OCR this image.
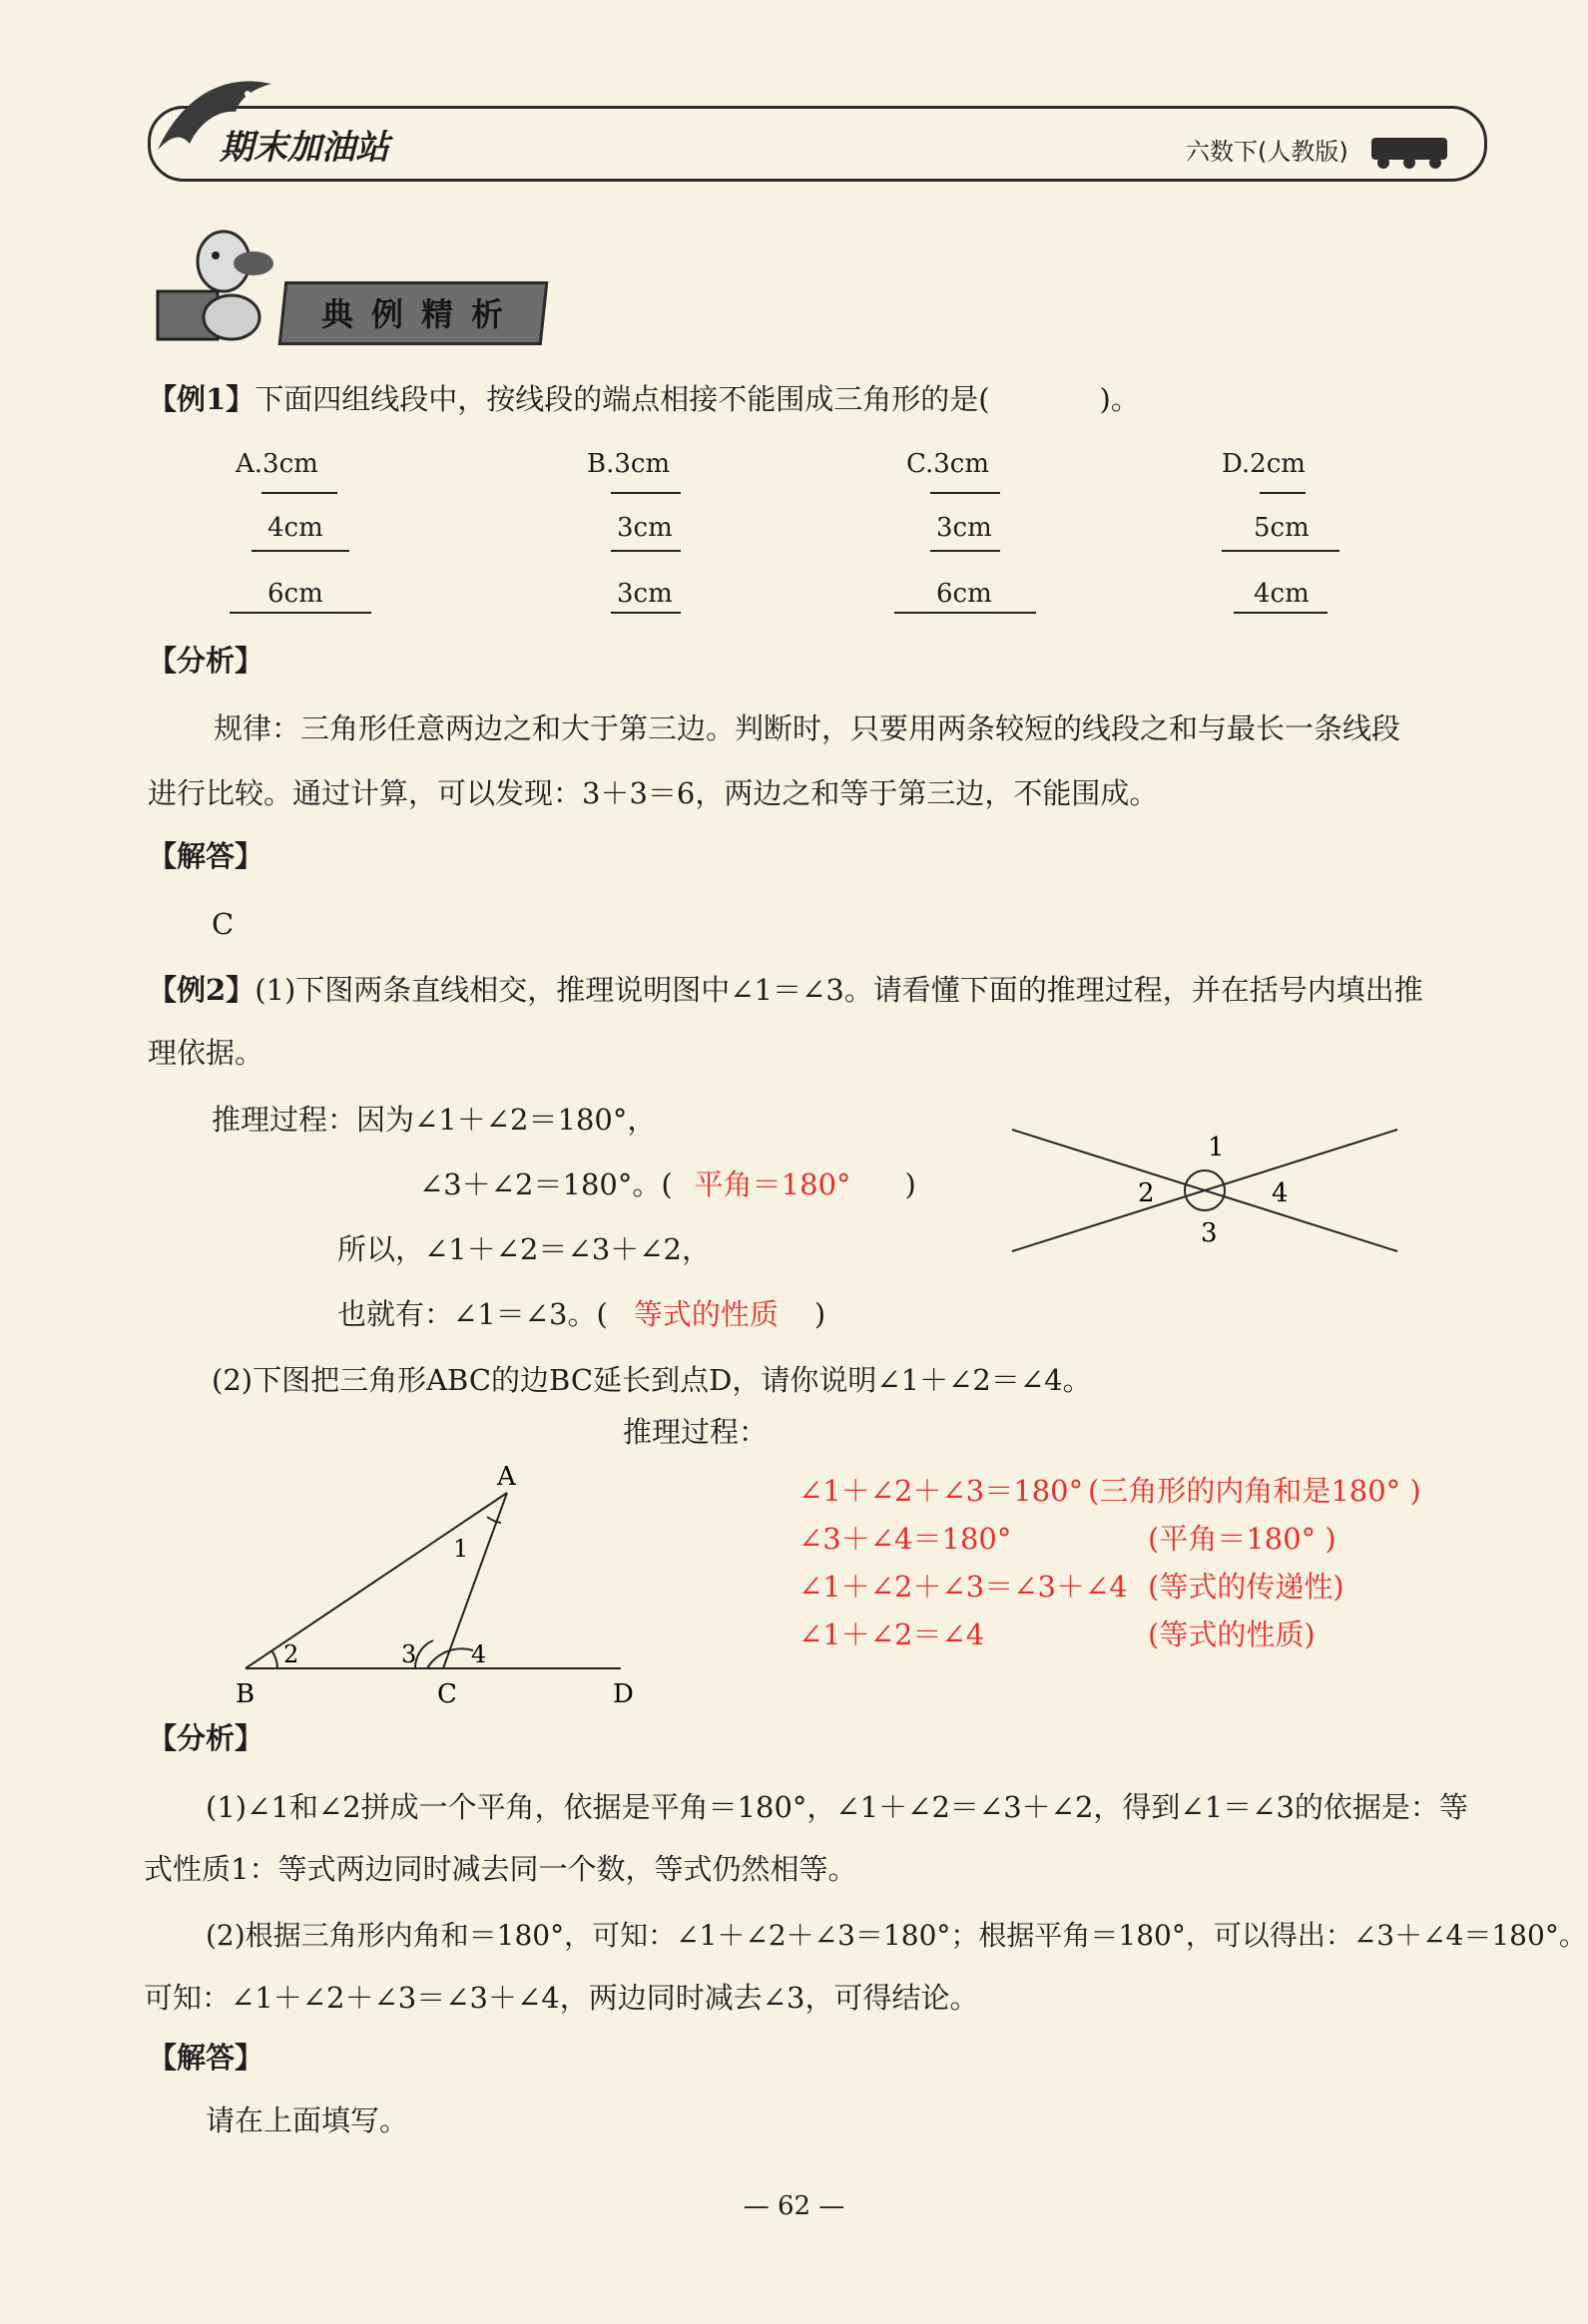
期末加油站	六数下(人教版)
典例精析
【例1】下面四组线段中，按线段的端点相接不能围成三角形的是(	)。
A.3cm
4cm
6cm
B.3cm
3cm
3cm
C.3cm
3cm
6cm
D.2cm
5cm
4cm
【分析】
规律：三角形任意两边之和大于第三边。判断时，只要用两条较短的线段之和与最长一条线段
进行比较。通过计算，可以发现：3＋3＝6，两边之和等于第三边，不能围成。
【解答】
C
【例2】(1)下图两条直线相交，推理说明图中∠1＝∠3。请看懂下面的推理过程，并在括号内填出推
理依据。
推理过程：因为∠1＋∠2＝180°，
∠3＋∠2＝180°。( 平角＝180° )
所以，∠1＋∠2＝∠3＋∠2，
也就有：∠1＝∠3。( 等式的性质 )
1
2
3
4
(2)下图把三角形ABC的边BC延长到点D，请你说明∠1＋∠2＝∠4。
推理过程：
A
B	C	D
1
2	3 4
∠1＋∠2＋∠3＝180° (三角形的内角和是180° )
∠3＋∠4＝180°	(平角＝180° )
∠1＋∠2＋∠3＝∠3＋∠4 (等式的传递性)
∠1＋∠2＝∠4	(等式的性质)
【分析】
(1)∠1和∠2拼成一个平角，依据是平角＝180°，∠1＋∠2＝∠3＋∠2，得到∠1＝∠3的依据是：等
式性质1：等式两边同时减去同一个数，等式仍然相等。
(2)根据三角形内角和＝180°，可知：∠1＋∠2＋∠3＝180°；根据平角＝180°，可以得出：∠3＋∠4＝180°。
可知：∠1＋∠2＋∠3＝∠3＋∠4，两边同时减去∠3，可得结论。
【解答】
请在上面填写。
— 62 —
